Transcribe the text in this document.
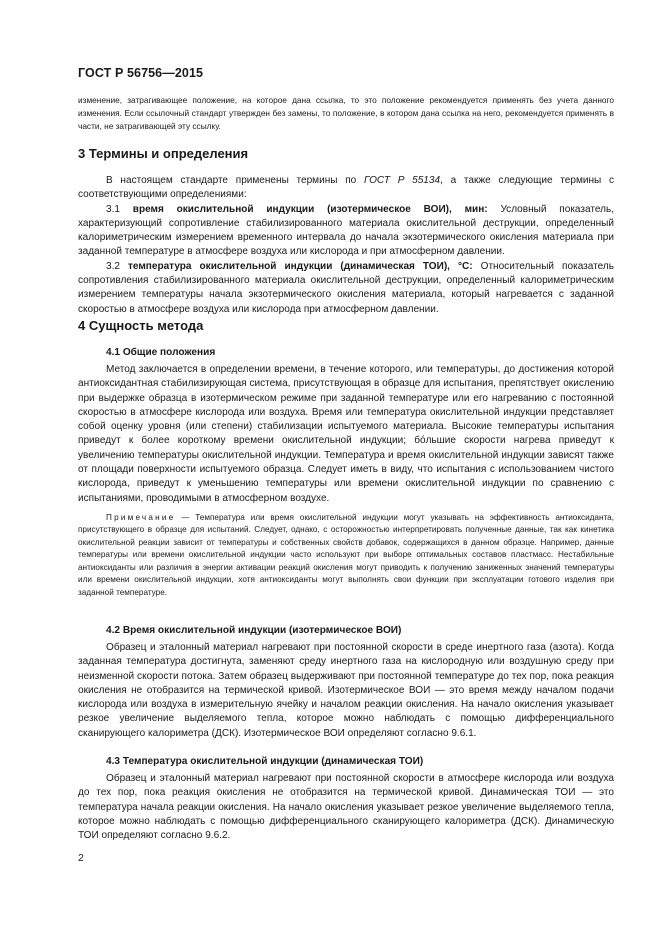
ГОСТ Р 56756—2015

изменение, затрагивающее положение, на которое дана ссылка, то это положение рекомендуется применять без учета данного изменения. Если ссылочный стандарт утвержден без замены, то положение, в котором дана ссылка на него, рекомендуется применять в части, не затрагивающей эту ссылку.

3 Термины и определения

В настоящем стандарте применены термины по ГОСТ Р 55134, а также следующие термины с соответствующими определениями:

3.1 время окислительной индукции (изотермическое ВОИ), мин: Условный показатель, характеризующий сопротивление стабилизированного материала окислительной деструкции, определенный калориметрическим измерением временного интервала до начала экзотермического окисления материала при заданной температуре в атмосфере воздуха или кислорода и при атмосферном давлении.

3.2 температура окислительной индукции (динамическая ТОИ), °С: Относительный показатель сопротивления стабилизированного материала окислительной деструкции, определенный калориметрическим измерением температуры начала экзотермического окисления материала, который нагревается с заданной скоростью в атмосфере воздуха или кислорода при атмосферном давлении.

4 Сущность метода

4.1 Общие положения

Метод заключается в определении времени, в течение которого, или температуры, до достижения которой антиоксидантная стабилизирующая система, присутствующая в образце для испытания, препятствует окислению при выдержке образца в изотермическом режиме при заданной температуре или его нагреванию с постоянной скоростью в атмосфере кислорода или воздуха. Время или температура окислительной индукции представляет собой оценку уровня (или степени) стабилизации испытуемого материала. Высокие температуры испытания приведут к более короткому времени окислительной индукции; бо́льшие скорости нагрева приведут к увеличению температуры окислительной индукции. Температура и время окислительной индукции зависят также от площади поверхности испытуемого образца. Следует иметь в виду, что испытания с использованием чистого кислорода, приведут к уменьшению температуры или времени окислительной индукции по сравнению с испытаниями, проводимыми в атмосферном воздухе.

Примечание — Температура или время окислительной индукции могут указывать на эффективность антиоксиданта, присутствующего в образце для испытаний. Следует, однако, с осторожностью интерпретировать полученные данные, так как кинетика окислительной реакции зависит от температуры и собственных свойств добавок, содержащихся в данном образце. Например, данные температуры или времени окислительной индукции часто используют при выборе оптимальных составов пластмасс. Нестабильные антиоксиданты или различия в энергии активации реакций окисления могут приводить к получению заниженных значений температуры или времени окислительной индукции, хотя антиоксиданты могут выполнять свои функции при эксплуатации готового изделия при заданной температуре.

4.2 Время окислительной индукции (изотермическое ВОИ)

Образец и эталонный материал нагревают при постоянной скорости в среде инертного газа (азота). Когда заданная температура достигнута, заменяют среду инертного газа на кислородную или воздушную среду при неизменной скорости потока. Затем образец выдерживают при постоянной температуре до тех пор, пока реакция окисления не отобразится на термической кривой. Изотермическое ВОИ — это время между началом подачи кислорода или воздуха в измерительную ячейку и началом реакции окисления. На начало окисления указывает резкое увеличение выделяемого тепла, которое можно наблюдать с помощью дифференциального сканирующего калориметра (ДСК). Изотермическое ВОИ определяют согласно 9.6.1.

4.3 Температура окислительной индукции (динамическая ТОИ)

Образец и эталонный материал нагревают при постоянной скорости в атмосфере кислорода или воздуха до тех пор, пока реакция окисления не отобразится на термической кривой. Динамическая ТОИ — это температура начала реакции окисления. На начало окисления указывает резкое увеличение выделяемого тепла, которое можно наблюдать с помощью дифференциального сканирующего калориметра (ДСК). Динамическую ТОИ определяют согласно 9.6.2.

2
